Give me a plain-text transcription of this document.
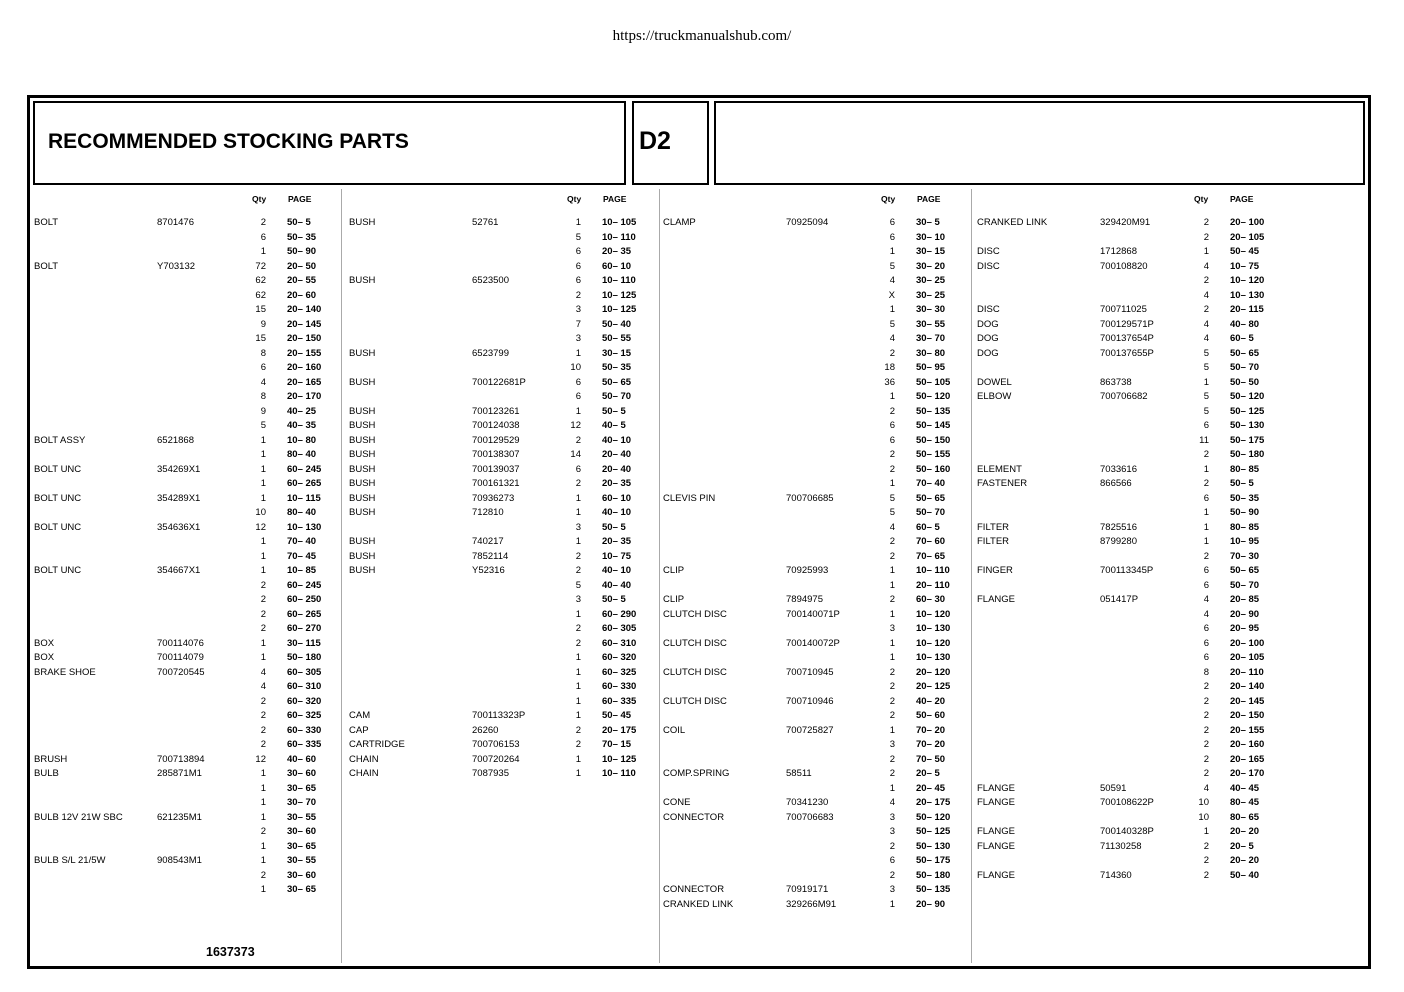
https://truckmanualshub.com/
RECOMMENDED STOCKING PARTS	D2
Qty	PAGE	Qty	PAGE	Qty	PAGE	Qty	PAGE
BOLT	8701476	2 50– 5
6 50– 35
1 50– 90
BOLT	Y703132	72 20– 50
62 20– 55
62 20– 60
15 20– 140
9 20– 145
15 20– 150
8 20– 155
6 20– 160
4 20– 165
8 20– 170
9 40– 25
5 40– 35
BOLT ASSY	6521868	1 10– 80
1 80– 40
BOLT UNC	354269X1	1 60– 245
1 60– 265
BOLT UNC	354289X1	1 10– 115
10 80– 40
BOLT UNC	354636X1	12 10– 130
1 70– 40
1 70– 45
BOLT UNC	354667X1	1 10– 85
2 60– 245
2 60– 250
2 60– 265
2 60– 270
BOX	700114076	1 30– 115
BOX	700114079	1 50– 180
BRAKE SHOE	700720545	4 60– 305
4 60– 310
2 60– 320
2 60– 325
2 60– 330
2 60– 335
BRUSH	700713894	12 40– 60
BULB	285871M1	1 30– 60
1 30– 65
1 30– 70
BULB 12V 21W SBC	621235M1	1 30– 55
2 30– 60
1 30– 65
BULB S/L 21/5W	908543M1	1 30– 55
2 30– 60
1 30– 65
BUSH	52761	1 10– 105
5 10– 110
6 20– 35
6 60– 10
BUSH	6523500	6 10– 110
2 10– 125
3 10– 125
7 50– 40
3 50– 55
BUSH	6523799	1 30– 15
10 50– 35
BUSH	700122681P	6 50– 65
6 50– 70
BUSH	700123261	1 50– 5
BUSH	700124038	12 40– 5
BUSH	700129529	2 40– 10
BUSH	700138307	14 20– 40
BUSH	700139037	6 20– 40
BUSH	700161321	2 20– 35
BUSH	70936273	1 60– 10
BUSH	712810	1 40– 10
3 50– 5
BUSH	740217	1 20– 35
BUSH	7852114	2 10– 75
BUSH	Y52316	2 40– 10
5 40– 40
3 50– 5
1 60– 290
2 60– 305
2 60– 310
1 60– 320
1 60– 325
1 60– 330
1 60– 335
CAM	700113323P	1 50– 45
CAP	26260	2 20– 175
CARTRIDGE	700706153	2 70– 15
CHAIN	700720264	1 10– 125
CHAIN	7087935	1 10– 110
CLAMP	70925094	6 30– 5
6 30– 10
1 30– 15
5 30– 20
4 30– 25
X 30– 25
1 30– 30
5 30– 55
4 30– 70
2 30– 80
18 50– 95
36 50– 105
1 50– 120
2 50– 135
6 50– 145
6 50– 150
2 50– 155
2 50– 160
1 70– 40
CLEVIS PIN	700706685	5 50– 65
5 50– 70
4 60– 5
2 70– 60
2 70– 65
CLIP	70925993	1 10– 110
1 20– 110
CLIP	7894975	2 60– 30
CLUTCH DISC	700140071P	1 10– 120
3 10– 130
CLUTCH DISC	700140072P	1 10– 120
1 10– 130
CLUTCH DISC	700710945	2 20– 120
2 20– 125
CLUTCH DISC	700710946	2 40– 20
2 50– 60
COIL	700725827	1 70– 20
3 70– 20
2 70– 50
COMP.SPRING	58511	2 20– 5
1 20– 45
CONE	70341230	4 20– 175
CONNECTOR	700706683	3 50– 120
3 50– 125
2 50– 130
6 50– 175
2 50– 180
CONNECTOR	70919171	3 50– 135
CRANKED LINK	329266M91	1 20– 90
CRANKED LINK	329420M91	2 20– 100
2 20– 105
DISC	1712868	1 50– 45
DISC	700108820	4 10– 75
2 10– 120
4 10– 130
DISC	700711025	2 20– 115
DOG	700129571P	4 40– 80
DOG	700137654P	4 60– 5
DOG	700137655P	5 50– 65
5 50– 70
DOWEL	863738	1 50– 50
ELBOW	700706682	5 50– 120
5 50– 125
6 50– 130
11 50– 175
2 50– 180
ELEMENT	7033616	1 80– 85
FASTENER	866566	2 50– 5
6 50– 35
1 50– 90
FILTER	7825516	1 80– 85
FILTER	8799280	1 10– 95
2 70– 30
FINGER	700113345P	6 50– 65
6 50– 70
FLANGE	051417P	4 20– 85
4 20– 90
6 20– 95
6 20– 100
6 20– 105
8 20– 110
2 20– 140
2 20– 145
2 20– 150
2 20– 155
2 20– 160
2 20– 165
2 20– 170
FLANGE	50591	4 40– 45
FLANGE	700108622P	10 80– 45
10 80– 65
FLANGE	700140328P	1 20– 20
FLANGE	71130258	2 20– 5
2 20– 20
FLANGE	714360	2 50– 40
1637373
